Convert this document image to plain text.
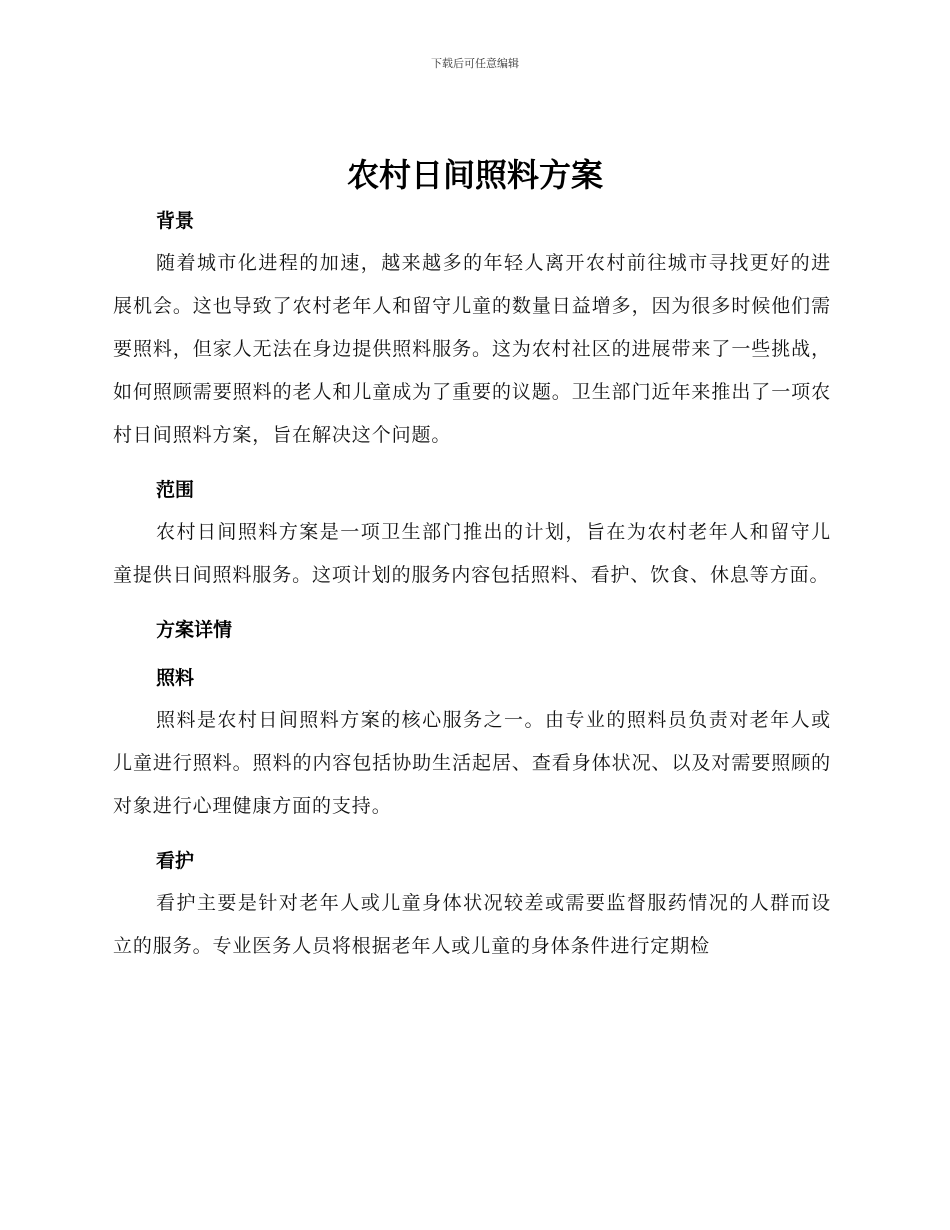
下载后可任意编辑
农村日间照料方案
背景

随着城市化进程的加速，越来越多的年轻人离开农村前往城市寻找更好的进展机会。这也导致了农村老年人和留守儿童的数量日益增多，因为很多时候他们需要照料，但家人无法在身边提供照料服务。这为农村社区的进展带来了一些挑战，如何照顾需要照料的老人和儿童成为了重要的议题。卫生部门近年来推出了一项农村日间照料方案，旨在解决这个问题。

范围

农村日间照料方案是一项卫生部门推出的计划，旨在为农村老年人和留守儿童提供日间照料服务。这项计划的服务内容包括照料、看护、饮食、休息等方面。

方案详情
照料

照料是农村日间照料方案的核心服务之一。由专业的照料员负责对老年人或儿童进行照料。照料的内容包括协助生活起居、查看身体状况、以及对需要照顾的对象进行心理健康方面的支持。

看护

看护主要是针对老年人或儿童身体状况较差或需要监督服药情况的人群而设立的服务。专业医务人员将根据老年人或儿童的身体条件进行定期检
